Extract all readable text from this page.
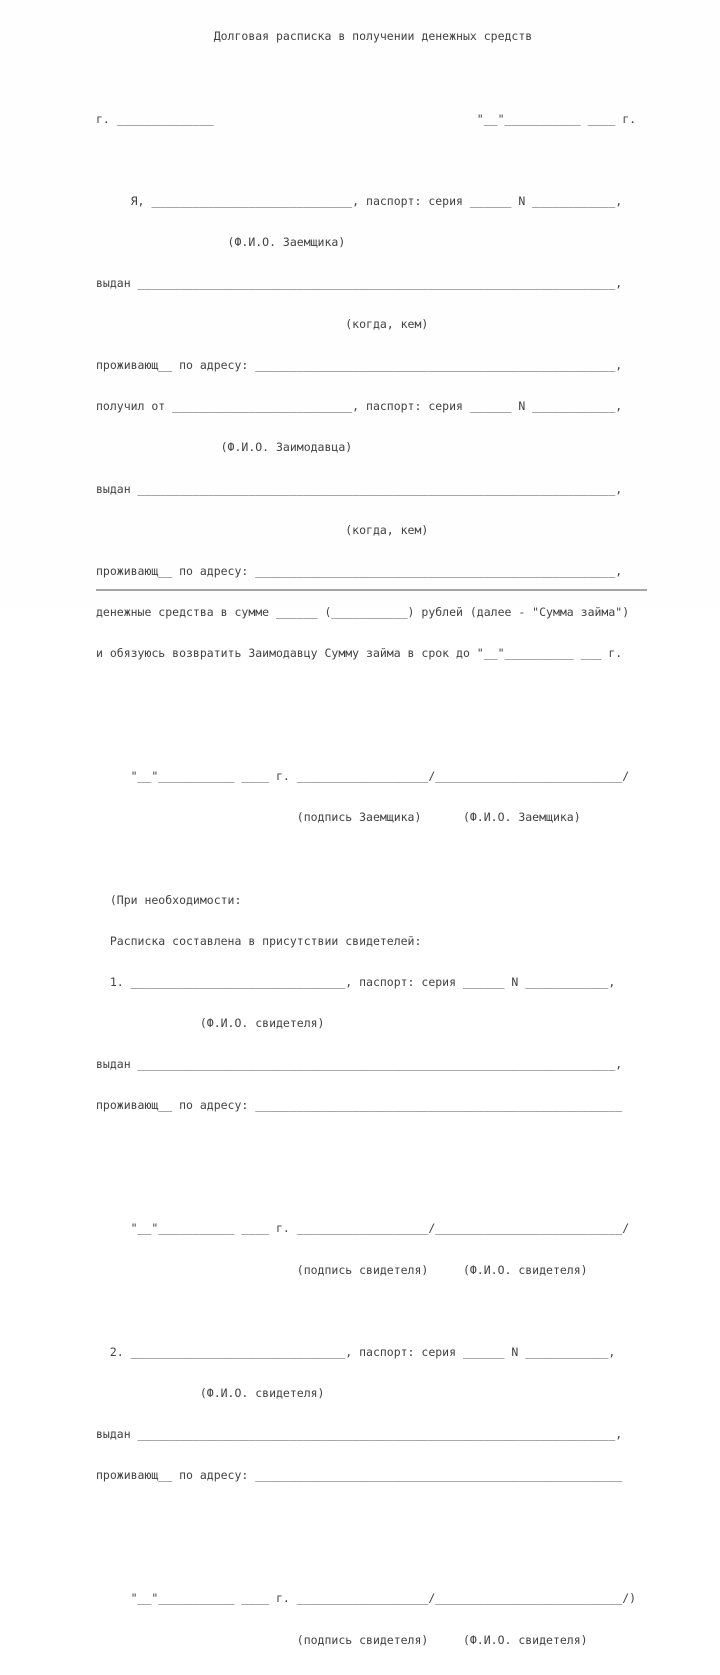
Долговая расписка в получении денежных средств

г. ______________                                      "__"___________ ____ г.

Я, _____________________________, паспорт: серия ______ N ____________,

(Ф.И.О. Заемщика)

выдан _____________________________________________________________________,

(когда, кем)

проживающ__ по адресу: ____________________________________________________,

получил от __________________________, паспорт: серия ______ N ____________,

(Ф.И.О. Заимодавца)

выдан _____________________________________________________________________,

(когда, кем)

проживающ__ по адресу: ____________________________________________________,

денежные средства в сумме ______ (___________) рублей (далее - "Сумма займа")

и обязуюсь возвратить Заимодавцу Сумму займа в срок до "__"__________ ___ г.

"__"___________ ____ г. ___________________/___________________________/

(подпись Заемщика)      (Ф.И.О. Заемщика)

(При необходимости:

Расписка составлена в присутствии свидетелей:

1. _______________________________, паспорт: серия ______ N ____________,

(Ф.И.О. свидетеля)

выдан _____________________________________________________________________,

проживающ__ по адресу: _____________________________________________________

"__"___________ ____ г. ___________________/___________________________/

(подпись свидетеля)     (Ф.И.О. свидетеля)

2. _______________________________, паспорт: серия ______ N ____________,

(Ф.И.О. свидетеля)

выдан _____________________________________________________________________,

проживающ__ по адресу: _____________________________________________________

"__"___________ ____ г. ___________________/___________________________/)

(подпись свидетеля)     (Ф.И.О. свидетеля)
